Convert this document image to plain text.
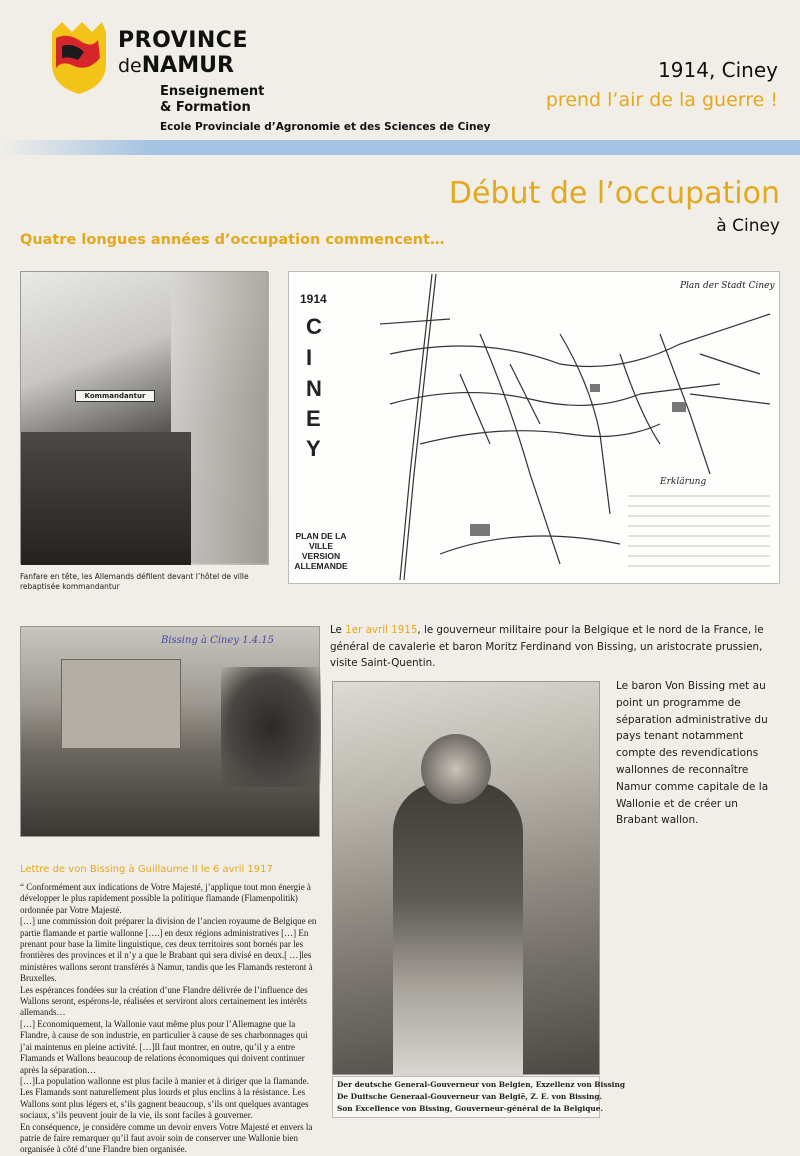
PROVINCE
deNAMUR
Enseignement
& Formation
Ecole Provinciale d’Agronomie et des Sciences de Ciney
1914, Ciney
prend l’air de la guerre !
Début de l’occupation
à Ciney
Quatre longues années d’occupation commencent…
Kommandantur
Fanfare en tête, les Allemands défilent devant l’hôtel de ville rebaptisée kommandantur
1914
C
I
N
E
Y
PLAN DE LA VILLE VERSION ALLEMANDE
Plan der Stadt Ciney
Erklärung
Bissing à Ciney 1.4.15
Lettre de von Bissing à Guillaume II le 6 avril 1917

“ Conformément aux indications de Votre Majesté, j’applique tout mon énergie à développer le plus rapidement possible la politique flamande (Flamenpolitik) ordonnée par Votre Majesté.

[…] une commission doit préparer la division de l’ancien royaume de Belgique en partie flamande et partie wallonne [….] en deux régions administratives […] En prenant pour base la limite linguistique, ces deux territoires sont bornés par les frontières des provinces et il n’y a que le Brabant qui sera divisé en deux.[ …]les ministères wallons seront transférés à Namur, tandis que les Flamands resteront à Bruxelles.

Les espérances fondées sur la création d’une Flandre délivrée de l’influence des Wallons seront, espérons-le, réalisées et serviront alors certainement les intérêts allemands…

[…] Economiquement, la Wallonie vaut même plus pour l’Allemagne que la Flandre, à cause de son industrie, en particulier à cause de ses charbonnages qui j’ai maintenus en pleine activité. […]Il faut montrer, en outre, qu’il y a entre Flamands et Wallons beaucoup de relations économiques qui doivent continuer après la séparation…

[…]La population wallonne est plus facile à manier et à diriger que la flamande. Les Flamands sont naturellement plus lourds et plus enclins à la résistance. Les Wallons sont plus légers et, s’ils gagnent beaucoup, s’ils ont quelques avantages sociaux, s’ils peuvent jouir de la vie, ils sont faciles à gouverner.

En conséquence, je considère comme un devoir envers Votre Majesté et envers la patrie de faire remarquer qu’il faut avoir soin de conserver une Wallonie bien organisée à côté d’une Flandre bien organisée.

Le 1er avril 1915, le gouverneur militaire pour la Belgique et le nord de la France, le général de cavalerie et baron Moritz Ferdinand von Bissing, un aristocrate prussien, visite Saint-Quentin.
Der deutsche General-Gouverneur von Belgien, Exzellenz von Bissing
De Duitsche Generaal-Gouverneur van België, Z. E. von Bissing.
Son Excellence von Bissing, Gouverneur-général de la Belgique.
Le baron Von Bissing met au point un programme de séparation administrative du pays tenant notamment compte des revendications wallonnes de reconnaître Namur comme capitale de la Wallonie et de créer un Brabant wallon.
